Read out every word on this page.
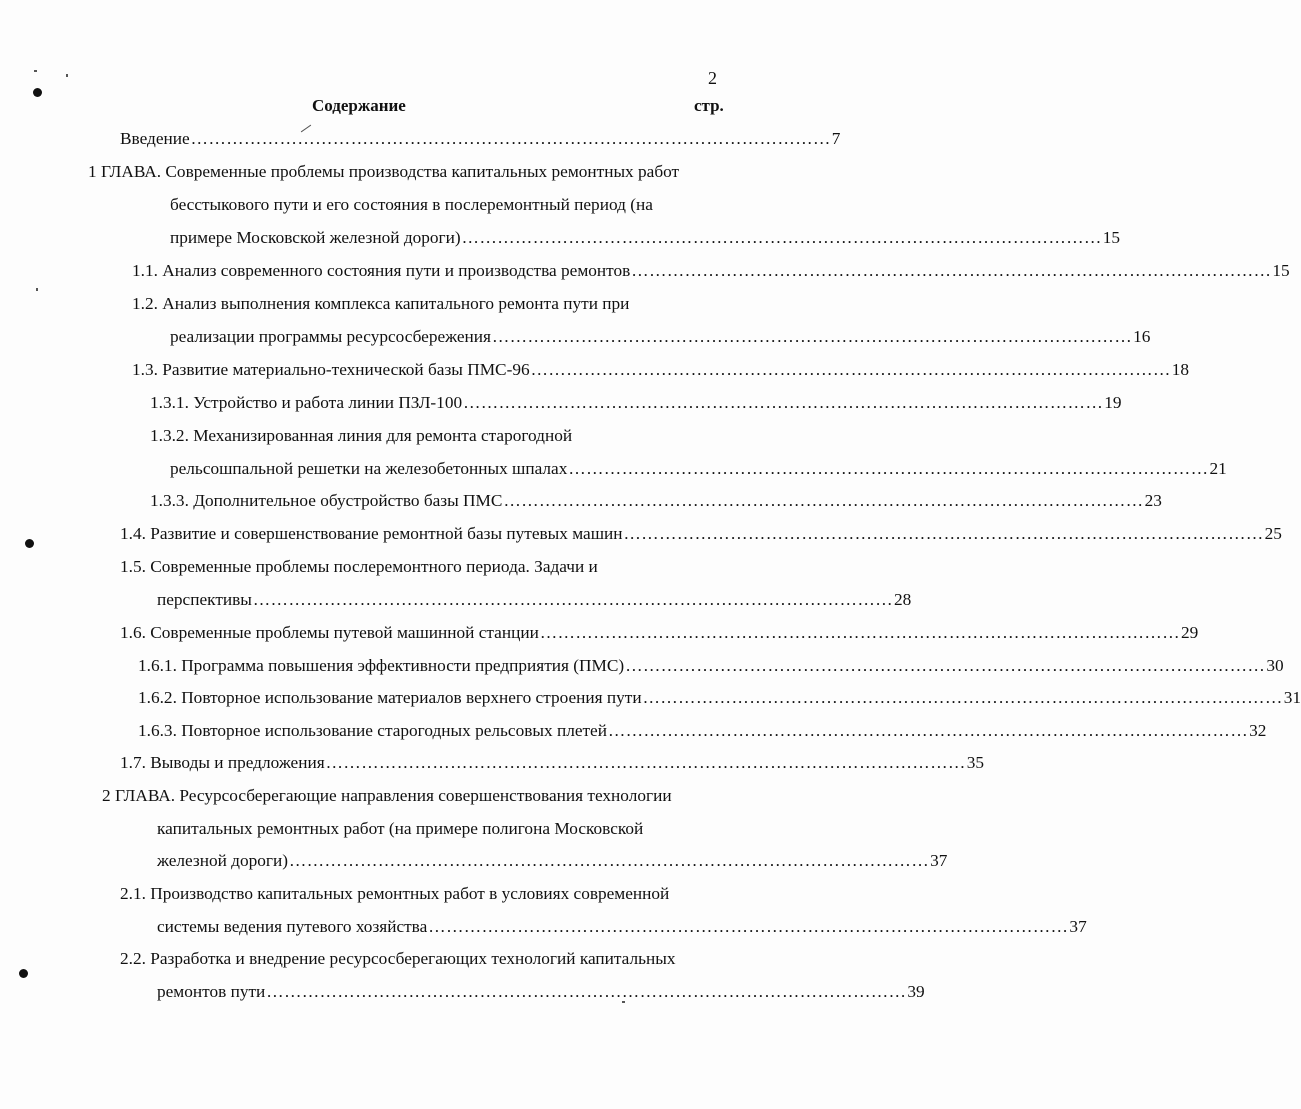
2
Содержание	стр.
Введение ……………………………………………………………………………………………… 7
1 ГЛАВА. Современные проблемы производства капитальных ремонтных работ
бесстыкового пути и его состояния в послеремонтный период (на
примере Московской железной дороги) ……………………………………………………………………………………………… 15
1.1. Анализ современного состояния пути и производства ремонтов ……………………………………………………………………………………………… 15
1.2. Анализ выполнения комплекса капитального ремонта пути при
реализации программы ресурсосбережения ……………………………………………………………………………………………… 16
1.3. Развитие материально-технической базы ПМС-96 ……………………………………………………………………………………………… 18
1.3.1. Устройство и работа линии ПЗЛ-100 ……………………………………………………………………………………………… 19
1.3.2. Механизированная линия для ремонта старогодной
рельсошпальной решетки на железобетонных шпалах ……………………………………………………………………………………………… 21
1.3.3. Дополнительное обустройство базы ПМС ……………………………………………………………………………………………… 23
1.4. Развитие и совершенствование ремонтной базы путевых машин ……………………………………………………………………………………………… 25
1.5. Современные проблемы послеремонтного периода. Задачи и
перспективы ……………………………………………………………………………………………… 28
1.6. Современные проблемы путевой машинной станции ……………………………………………………………………………………………… 29
1.6.1. Программа повышения эффективности предприятия (ПМС) ……………………………………………………………………………………………… 30
1.6.2. Повторное использование материалов верхнего строения пути ……………………………………………………………………………………………… 31
1.6.3. Повторное использование старогодных рельсовых плетей ……………………………………………………………………………………………… 32
1.7. Выводы и предложения ……………………………………………………………………………………………… 35
2 ГЛАВА. Ресурсосберегающие направления совершенствования технологии
капитальных ремонтных работ (на примере полигона Московской
железной дороги) ……………………………………………………………………………………………… 37
2.1. Производство капитальных ремонтных работ в условиях современной
системы ведения путевого хозяйства ……………………………………………………………………………………………… 37
2.2. Разработка и внедрение ресурсосберегающих технологий капитальных
ремонтов пути ……………………………………………………………………………………………… 39
